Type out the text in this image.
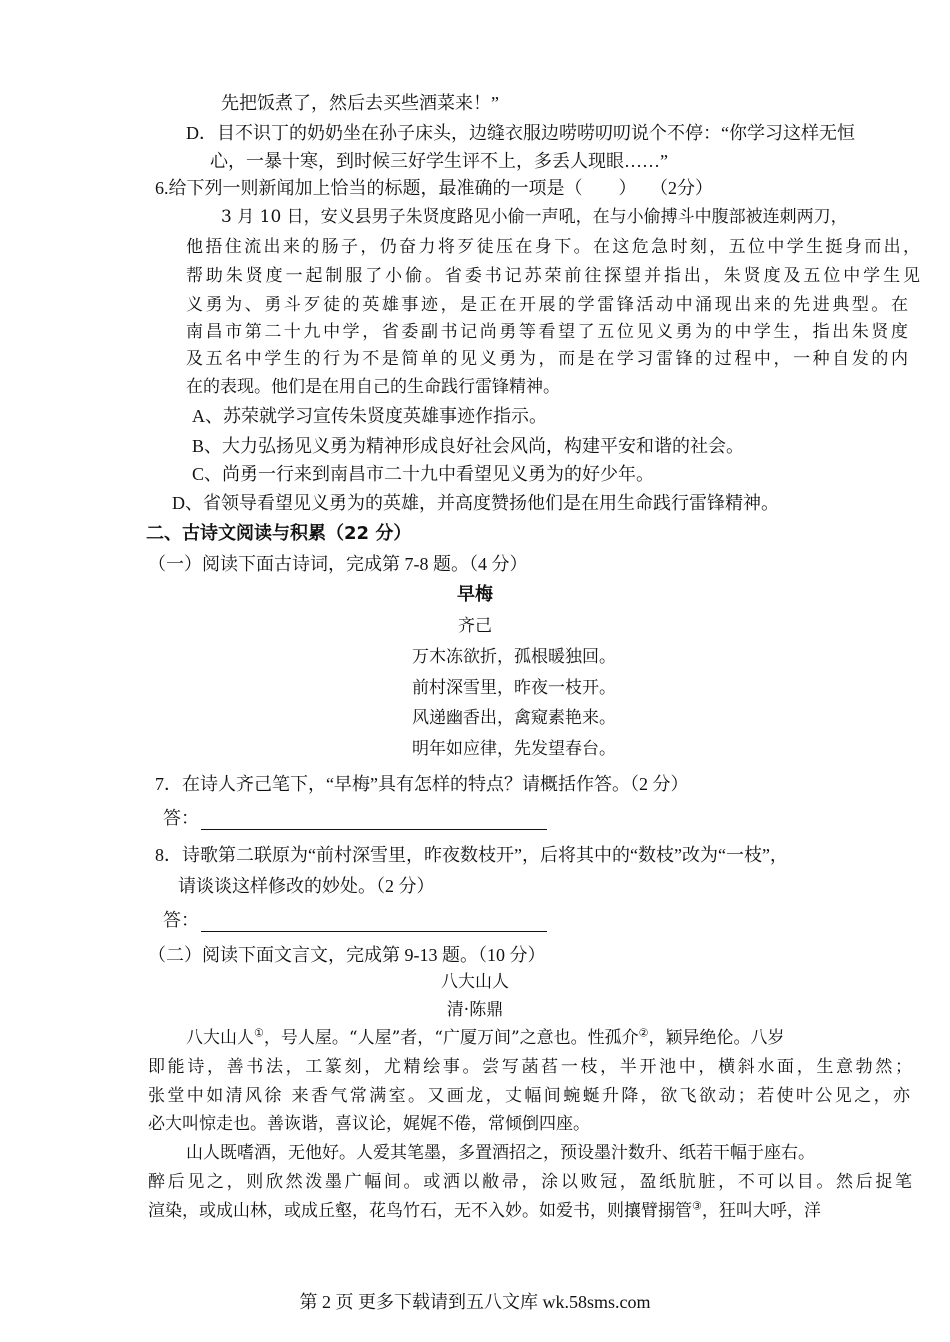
先把饭煮了，然后去买些酒菜来！”
D．目不识丁的奶奶坐在孙子床头，边缝衣服边唠唠叨叨说个不停：“你学习这样无恒
心，一暴十寒，到时候三好学生评不上，多丢人现眼……”
6.给下列一则新闻加上恰当的标题，最准确的一项是（　　）　 （2分）
3 月 10 日，安义县男子朱贤度路见小偷一声吼，在与小偷搏斗中腹部被连刺两刀，
他捂住流出来的肠子，仍奋力将歹徒压在身下。在这危急时刻，五位中学生挺身而出，
帮助朱贤度一起制服了小偷。省委书记苏荣前往探望并指出，朱贤度及五位中学生见
义勇为、勇斗歹徒的英雄事迹，是正在开展的学雷锋活动中涌现出来的先进典型。在
南昌市第二十九中学，省委副书记尚勇等看望了五位见义勇为的中学生，指出朱贤度
及五名中学生的行为不是简单的见义勇为，而是在学习雷锋的过程中，一种自发的内
在的表现。他们是在用自己的生命践行雷锋精神。
A、苏荣就学习宣传朱贤度英雄事迹作指示。
B、大力弘扬见义勇为精神形成良好社会风尚，构建平安和谐的社会。
C、尚勇一行来到南昌市二十九中看望见义勇为的好少年。
D、省领导看望见义勇为的英雄，并高度赞扬他们是在用生命践行雷锋精神。
二、古诗文阅读与积累（22 分）
（一）阅读下面古诗词，完成第 7-8 题。（4 分）
早梅
齐己
万木冻欲折，孤根暖独回。
前村深雪里，昨夜一枝开。
风递幽香出，禽窥素艳来。
明年如应律，先发望春台。
7．在诗人齐己笔下，“早梅”具有怎样的特点？请概括作答。（2 分）
答：
8．诗歌第二联原为“前村深雪里，昨夜数枝开”，后将其中的“数枝”改为“一枝”，
请谈谈这样修改的妙处。（2 分）
答：
（二）阅读下面文言文，完成第 9-13 题。（10 分）
八大山人
清·陈鼎
八大山人①，号人屋。“人屋”者，“广厦万间”之意也。性孤介②，颖异绝伦。八岁
即能诗，善书法，工篆刻，尤精绘事。尝写菡萏一枝，半开池中，横斜水面，生意勃然；
张堂中如清风徐 来香气常满室。又画龙，丈幅间蜿蜒升降，欲飞欲动；若使叶公见之，亦
必大叫惊走也。善诙谐，喜议论，娓娓不倦，常倾倒四座。
山人既嗜酒，无他好。人爱其笔墨，多置酒招之，预设墨汁数升、纸若干幅于座右。
醉后见之，则欣然泼墨广幅间。或洒以敝帚，涂以败冠，盈纸肮脏，不可以目。然后捉笔
渲染，或成山林，或成丘壑，花鸟竹石，无不入妙。如爱书，则攘臂搦管③，狂叫大呼，洋
第 2 页 更多下载请到五八文库 wk.58sms.com
